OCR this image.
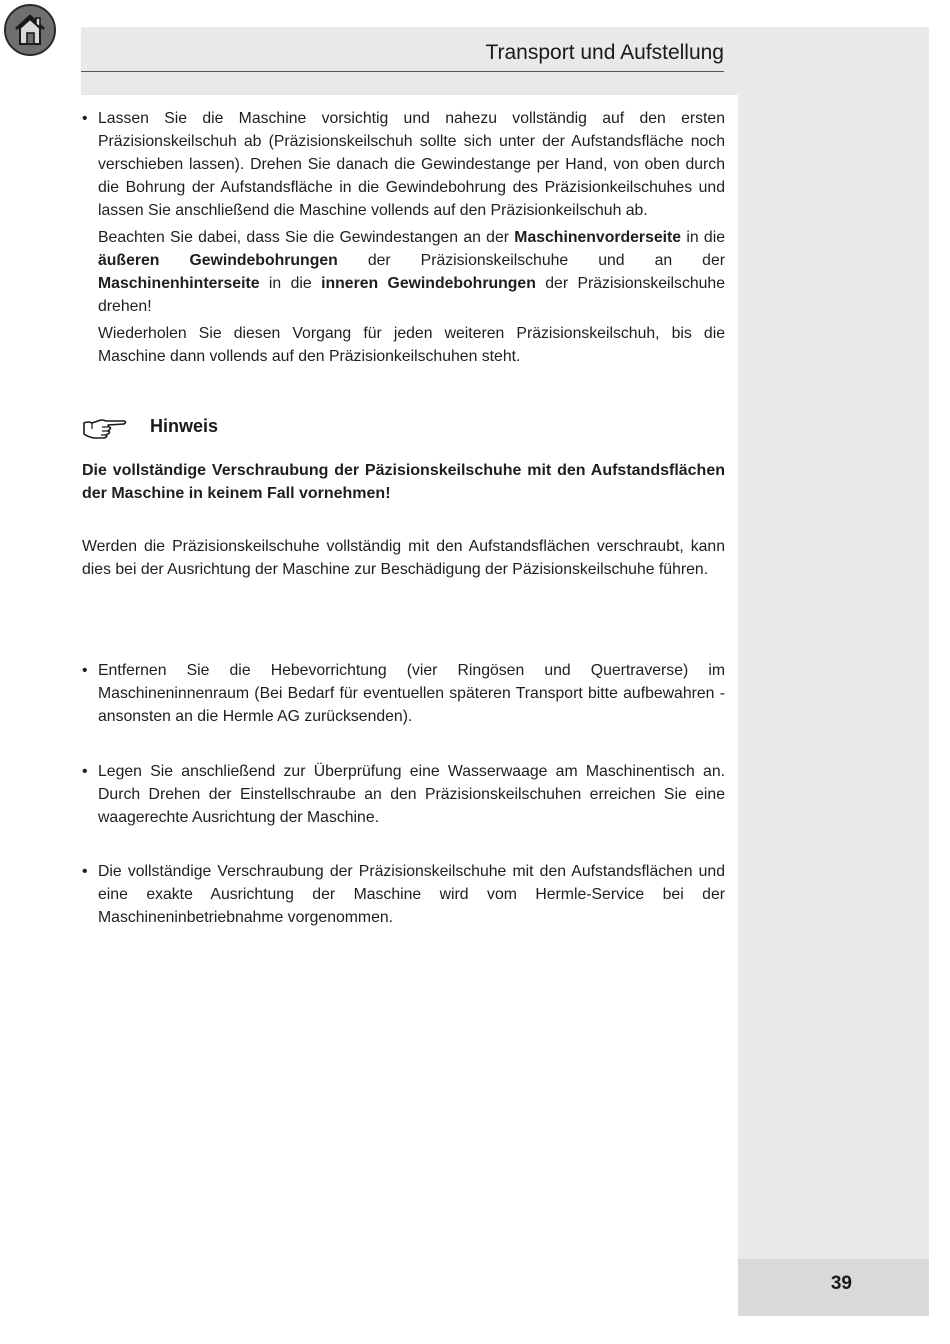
Transport und Aufstellung
39
• Lassen Sie die Maschine vorsichtig und nahezu vollständig auf den ersten Präzisionskeilschuh ab (Präzisionskeilschuh sollte sich unter der Aufstandsfläche noch verschieben lassen). Drehen Sie danach die Gewindestange per Hand, von oben durch die Bohrung der Aufstandsfläche in die Gewindebohrung des Präzisionkeilschuhes und lassen Sie anschließend die Maschine vollends auf den Präzisionkeilschuh ab.

Beachten Sie dabei, dass Sie die Gewindestangen an der Maschinenvorderseite in die äußeren Gewindebohrungen der Präzisionskeilschuhe und an der Maschinenhinterseite in die inneren Gewindebohrungen der Präzisionskeilschuhe drehen!

Wiederholen Sie diesen Vorgang für jeden weiteren Präzisionskeilschuh, bis die Maschine dann vollends auf den Präzisionkeilschuhen steht.

Hinweis

Die vollständige Verschraubung der Päzisionskeilschuhe mit den Aufstandsflächen der Maschine in keinem Fall vornehmen!

Werden die Präzisionskeilschuhe vollständig mit den Aufstandsflächen verschraubt, kann dies bei der Ausrichtung der Maschine zur Beschädigung der Päzisionskeilschuhe führen.

• Entfernen Sie die Hebevorrichtung (vier Ringösen und Quertraverse) im Maschineninnenraum (Bei Bedarf für eventuellen späteren Transport bitte aufbewahren - ansonsten an die Hermle AG zurücksenden).
• Legen Sie anschließend zur Überprüfung eine Wasserwaage am Maschinentisch an. Durch Drehen der Einstellschraube an den Präzisionskeilschuhen erreichen Sie eine waagerechte Ausrichtung der Maschine.
• Die vollständige Verschraubung der Präzisionskeilschuhe mit den Aufstandsflächen und eine exakte Ausrichtung der Maschine wird vom Hermle-Service bei der Maschineninbetriebnahme vorgenommen.
